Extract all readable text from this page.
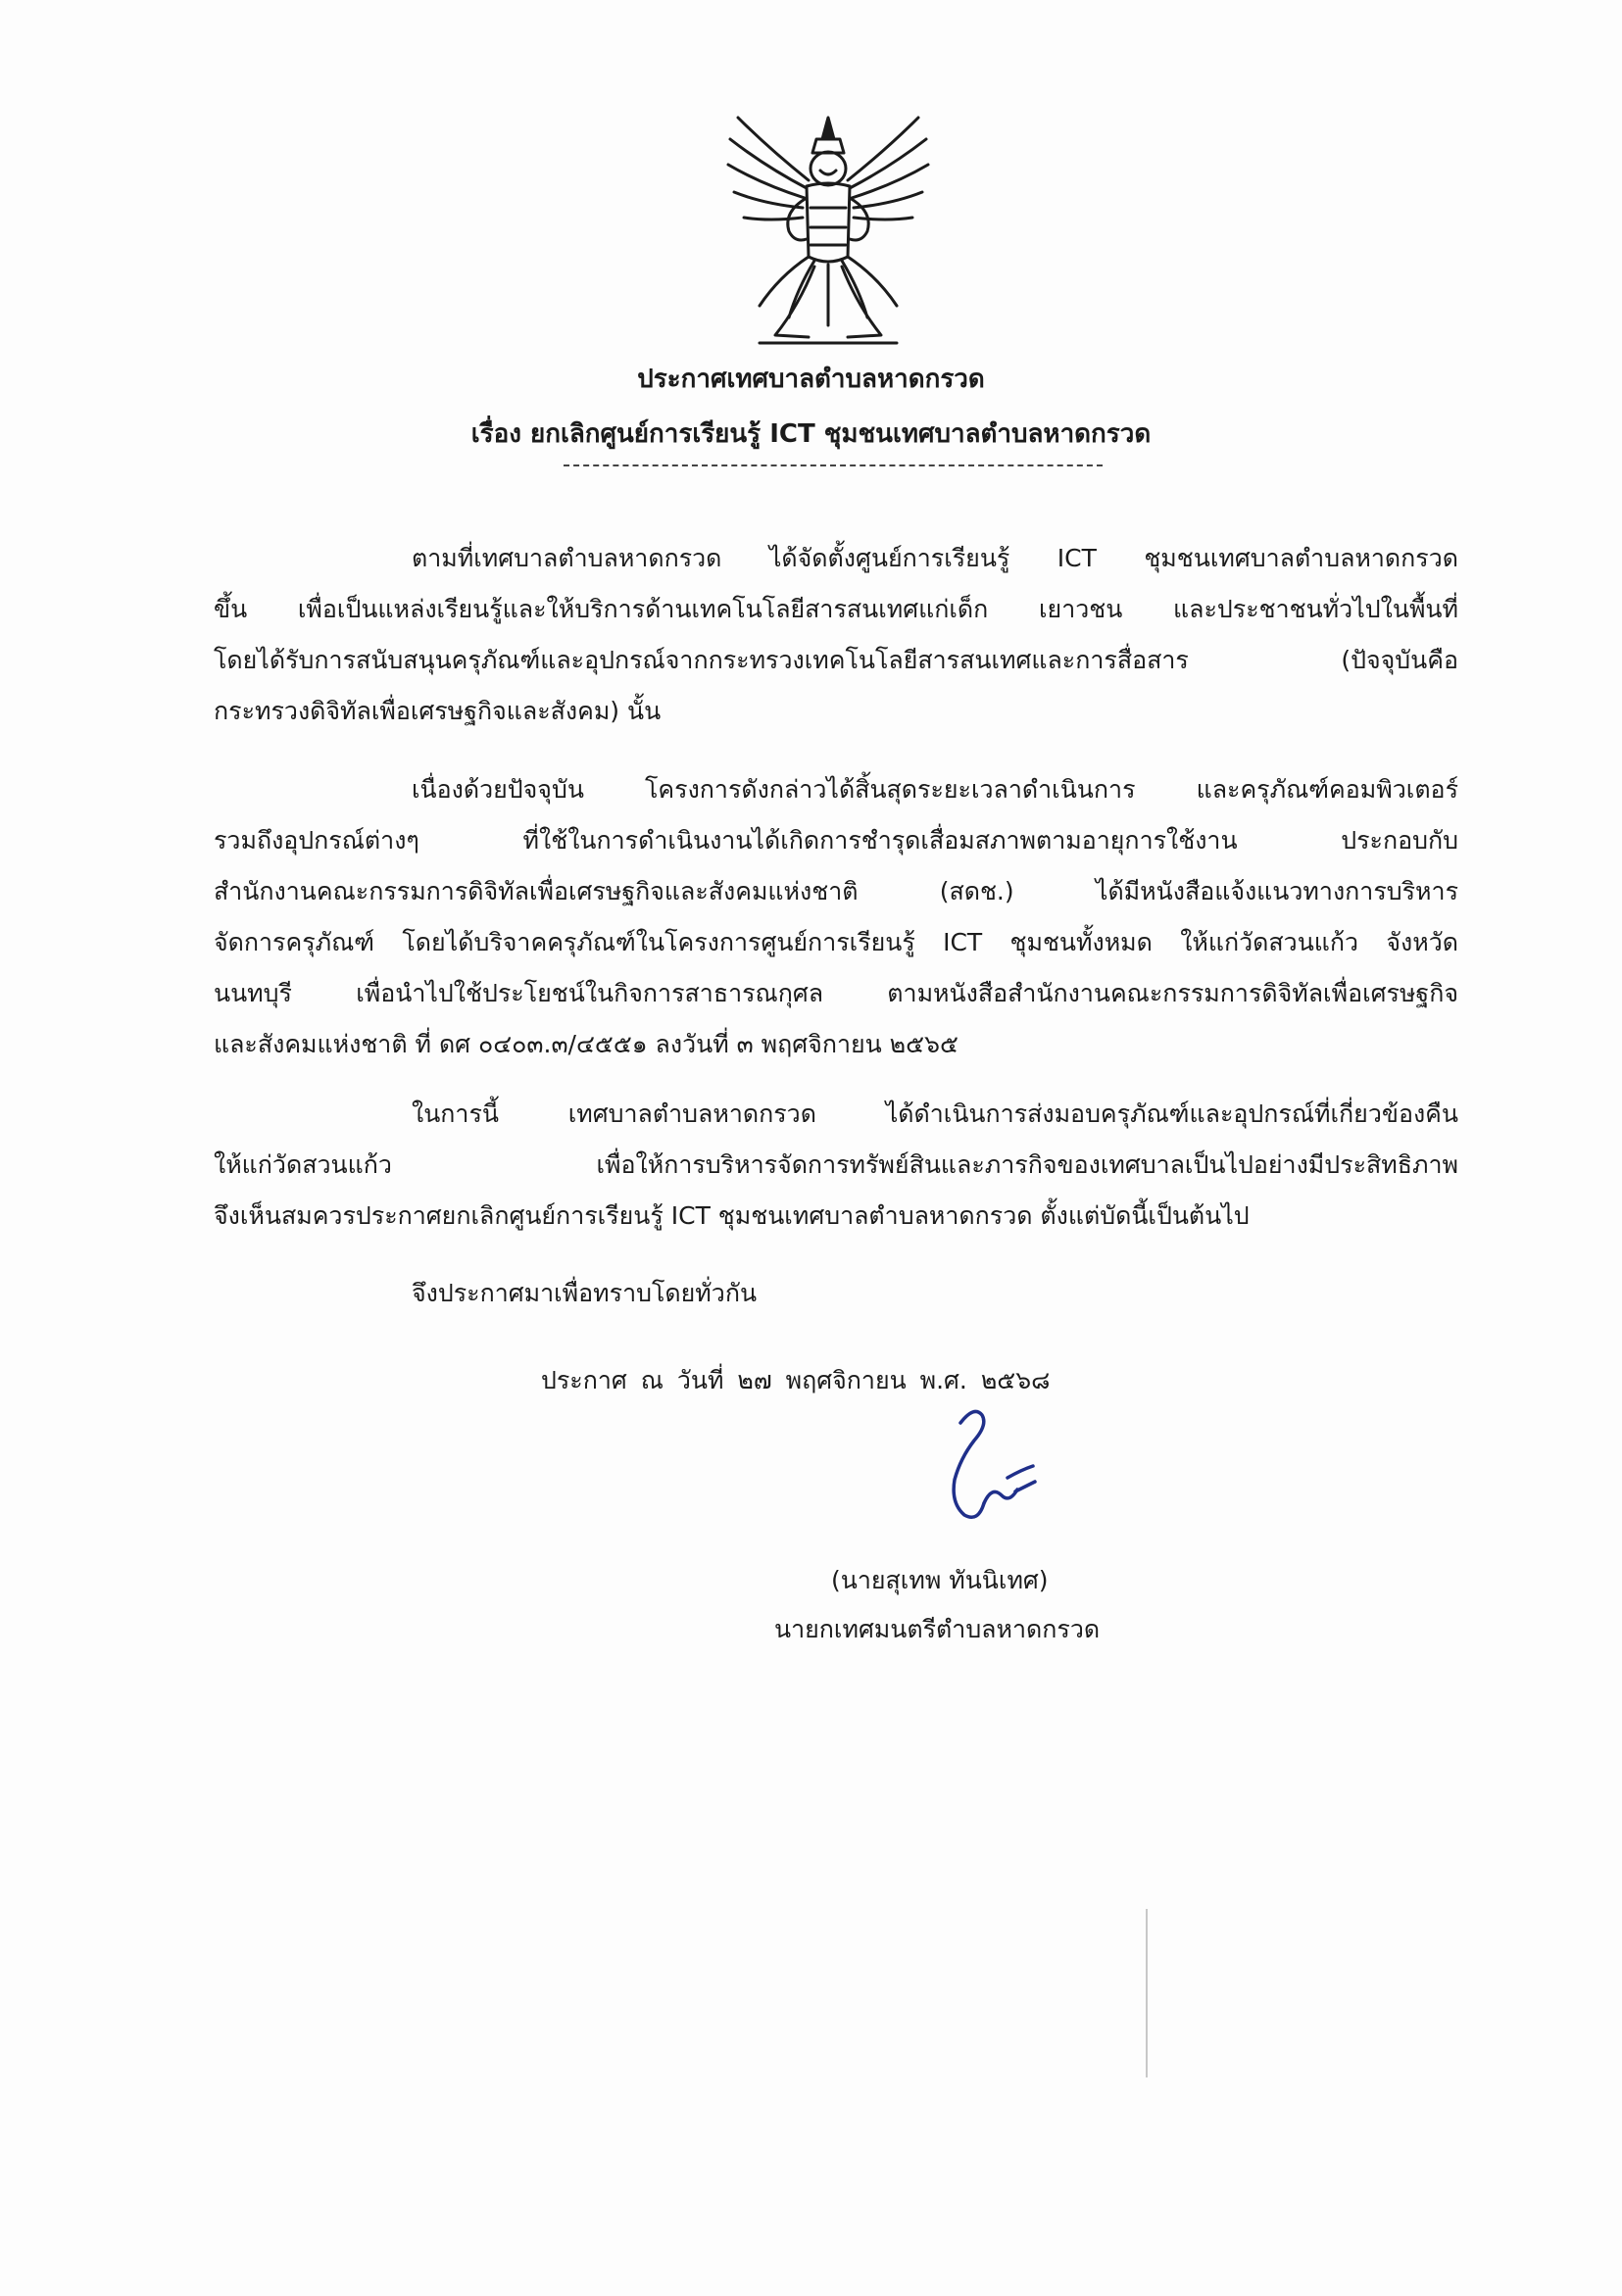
ประกาศเทศบาลตำบลหาดกรวด
เรื่อง ยกเลิกศูนย์การเรียนรู้ ICT ชุมชนเทศบาลตำบลหาดกรวด
ตามที่เทศบาลตำบลหาดกรวด ได้จัดตั้งศูนย์การเรียนรู้ ICT ชุมชนเทศบาลตำบลหาดกรวด
ขึ้น เพื่อเป็นแหล่งเรียนรู้และให้บริการด้านเทคโนโลยีสารสนเทศแก่เด็ก เยาวชน และประชาชนทั่วไปในพื้นที่
โดยได้รับการสนับสนุนครุภัณฑ์และอุปกรณ์จากกระทรวงเทคโนโลยีสารสนเทศและการสื่อสาร (ปัจจุบันคือ
กระทรวงดิจิทัลเพื่อเศรษฐกิจและสังคม) นั้น
เนื่องด้วยปัจจุบัน โครงการดังกล่าวได้สิ้นสุดระยะเวลาดำเนินการ และครุภัณฑ์คอมพิวเตอร์
รวมถึงอุปกรณ์ต่างๆ ที่ใช้ในการดำเนินงานได้เกิดการชำรุดเสื่อมสภาพตามอายุการใช้งาน ประกอบกับ
สำนักงานคณะกรรมการดิจิทัลเพื่อเศรษฐกิจและสังคมแห่งชาติ (สดช.) ได้มีหนังสือแจ้งแนวทางการบริหาร
จัดการครุภัณฑ์ โดยได้บริจาคครุภัณฑ์ในโครงการศูนย์การเรียนรู้ ICT ชุมชนทั้งหมด ให้แก่วัดสวนแก้ว จังหวัด
นนทบุรี เพื่อนำไปใช้ประโยชน์ในกิจการสาธารณกุศล ตามหนังสือสำนักงานคณะกรรมการดิจิทัลเพื่อเศรษฐกิจ
และสังคมแห่งชาติ ที่ ดศ ๐๔๐๓.๓/๔๕๕๑ ลงวันที่ ๓ พฤศจิกายน ๒๕๖๕
ในการนี้ เทศบาลตำบลหาดกรวด ได้ดำเนินการส่งมอบครุภัณฑ์และอุปกรณ์ที่เกี่ยวข้องคืน
ให้แก่วัดสวนแก้ว เพื่อให้การบริหารจัดการทรัพย์สินและภารกิจของเทศบาลเป็นไปอย่างมีประสิทธิภาพ
จึงเห็นสมควรประกาศยกเลิกศูนย์การเรียนรู้ ICT ชุมชนเทศบาลตำบลหาดกรวด ตั้งแต่บัดนี้เป็นต้นไป
จึงประกาศมาเพื่อทราบโดยทั่วกัน
ประกาศ ณ วันที่ ๒๗ พฤศจิกายน พ.ศ. ๒๕๖๘
(นายสุเทพ ทันนิเทศ)
นายกเทศมนตรีตำบลหาดกรวด
